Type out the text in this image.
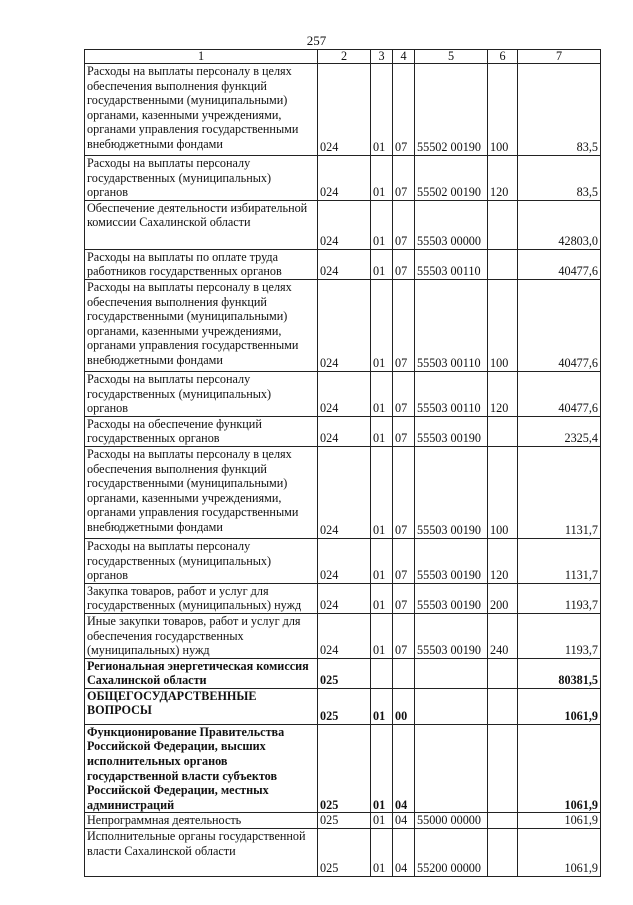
257
1	2	3	4	5	6	7
Расходы на выплаты персоналу в целях обеспечения выполнения функций государственными (муниципальными) органами, казенными учреждениями, органами управления государственными внебюджетными фондами	024	01	07	55502 00190	100	83,5
Расходы на выплаты персоналу государственных (муниципальных) органов	024	01	07	55502 00190	120	83,5
Обеспечение деятельности избирательной комиссии Сахалинской области	024	01	07	55503 00000		42803,0
Расходы на выплаты по оплате труда работников государственных органов	024	01	07	55503 00110		40477,6
Расходы на выплаты персоналу в целях обеспечения выполнения функций государственными (муниципальными) органами, казенными учреждениями, органами управления государственными внебюджетными фондами	024	01	07	55503 00110	100	40477,6
Расходы на выплаты персоналу государственных (муниципальных) органов	024	01	07	55503 00110	120	40477,6
Расходы на обеспечение функций государственных органов	024	01	07	55503 00190		2325,4
Расходы на выплаты персоналу в целях обеспечения выполнения функций государственными (муниципальными) органами, казенными учреждениями, органами управления государственными внебюджетными фондами	024	01	07	55503 00190	100	1131,7
Расходы на выплаты персоналу государственных (муниципальных) органов	024	01	07	55503 00190	120	1131,7
Закупка товаров, работ и услуг для государственных (муниципальных) нужд	024	01	07	55503 00190	200	1193,7
Иные закупки товаров, работ и услуг для обеспечения государственных (муниципальных) нужд	024	01	07	55503 00190	240	1193,7
Региональная энергетическая комиссия Сахалинской области	025					80381,5
ОБЩЕГОСУДАРСТВЕННЫЕ ВОПРОСЫ	025	01	00			1061,9
Функционирование Правительства Российской Федерации, высших исполнительных органов государственной власти субъектов Российской Федерации, местных администраций	025	01	04			1061,9
Непрограммная деятельность	025	01	04	55000 00000		1061,9
Исполнительные органы государственной власти Сахалинской области	025	01	04	55200 00000		1061,9
